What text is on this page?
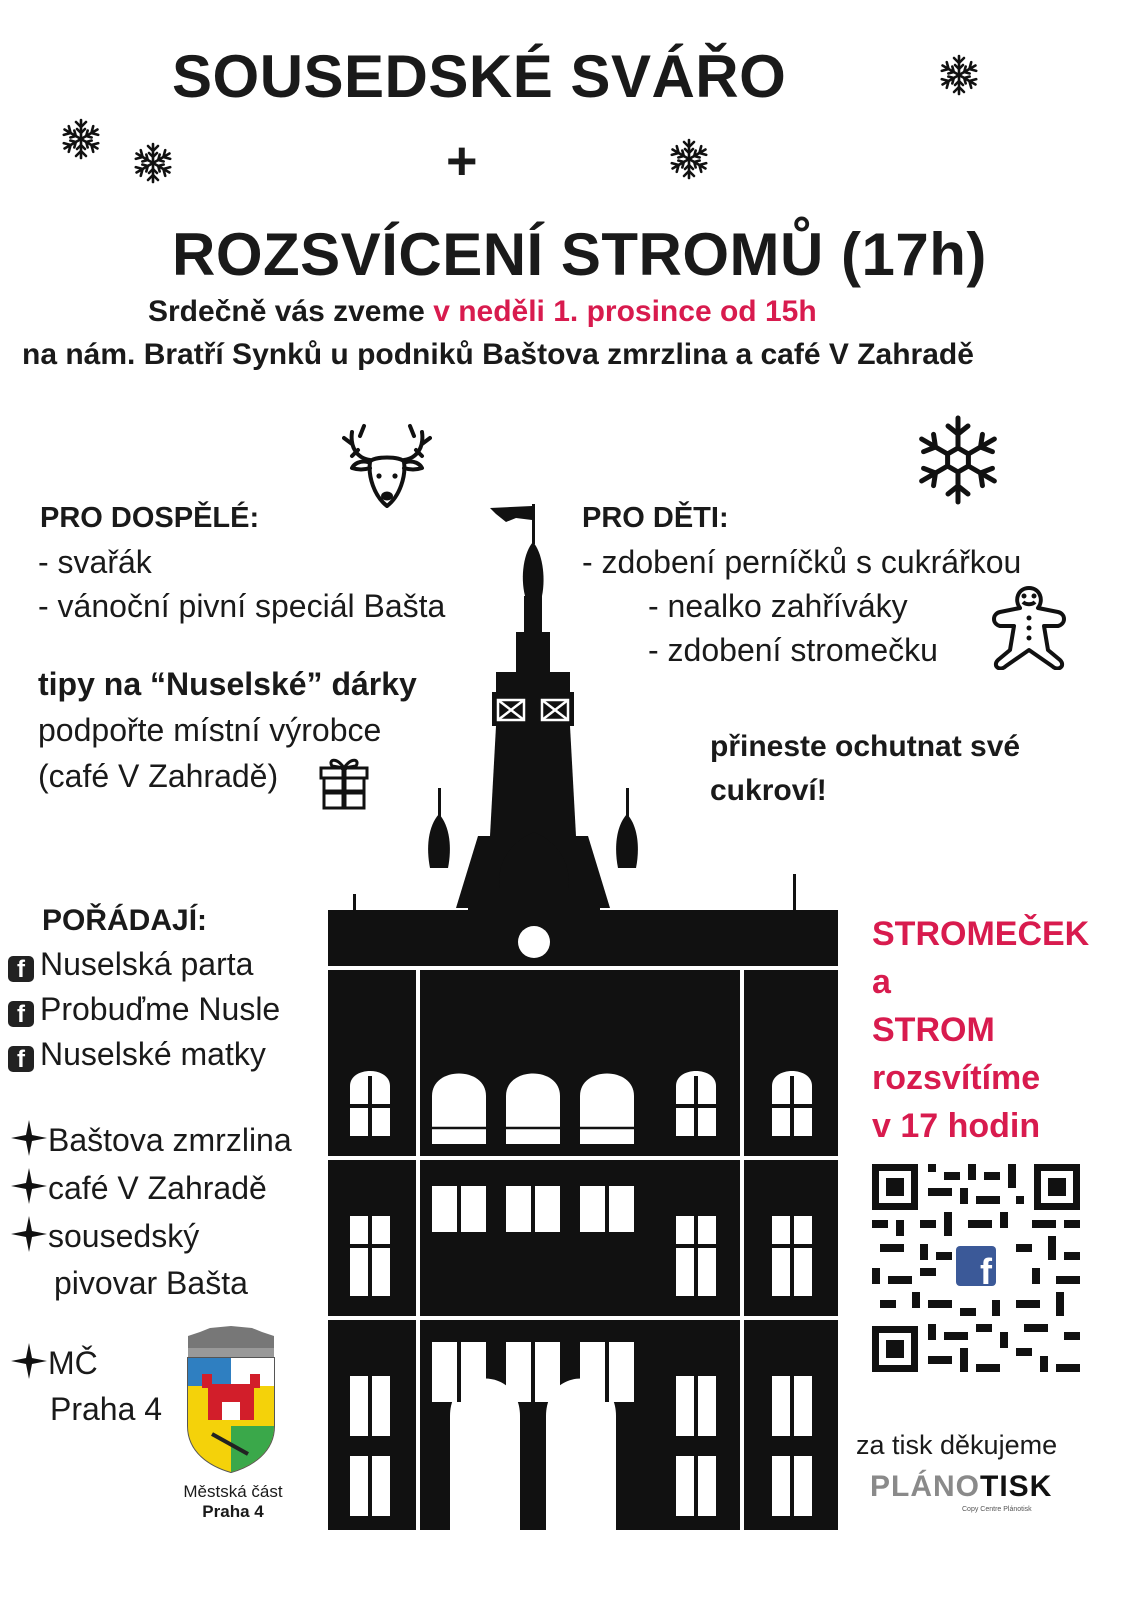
SOUSEDSKÉ SVÁŘO
+
ROZSVÍCENÍ STROMŮ (17h)
Srdečně vás zveme v neděli 1. prosince od 15h
na nám. Bratří Synků u podniků Baštova zmrzlina a café V Zahradě
PRO DOSPĚLÉ:
- svařák
- vánoční pivní speciál Bašta
tipy na “Nuselské” dárky
podpořte místní výrobce
(café V Zahradě)
PRO DĚTI:
- zdobení perníčků s cukrářkou
- nealko zahříváky
- zdobení stromečku
přineste ochutnat své
cukroví!
POŘÁDAJÍ:
f Nuselská parta
f Probuďme Nusle
f Nuselské matky
Baštova zmrzlina
café V Zahradě
sousedský
pivovar Bašta
MČ
Praha 4
Městská část
Praha 4
STROMEČEK
a
STROM
rozsvítíme
v 17 hodin
f
za tisk děkujeme
PLÁNOTISK
Copy Centre Plánotisk
